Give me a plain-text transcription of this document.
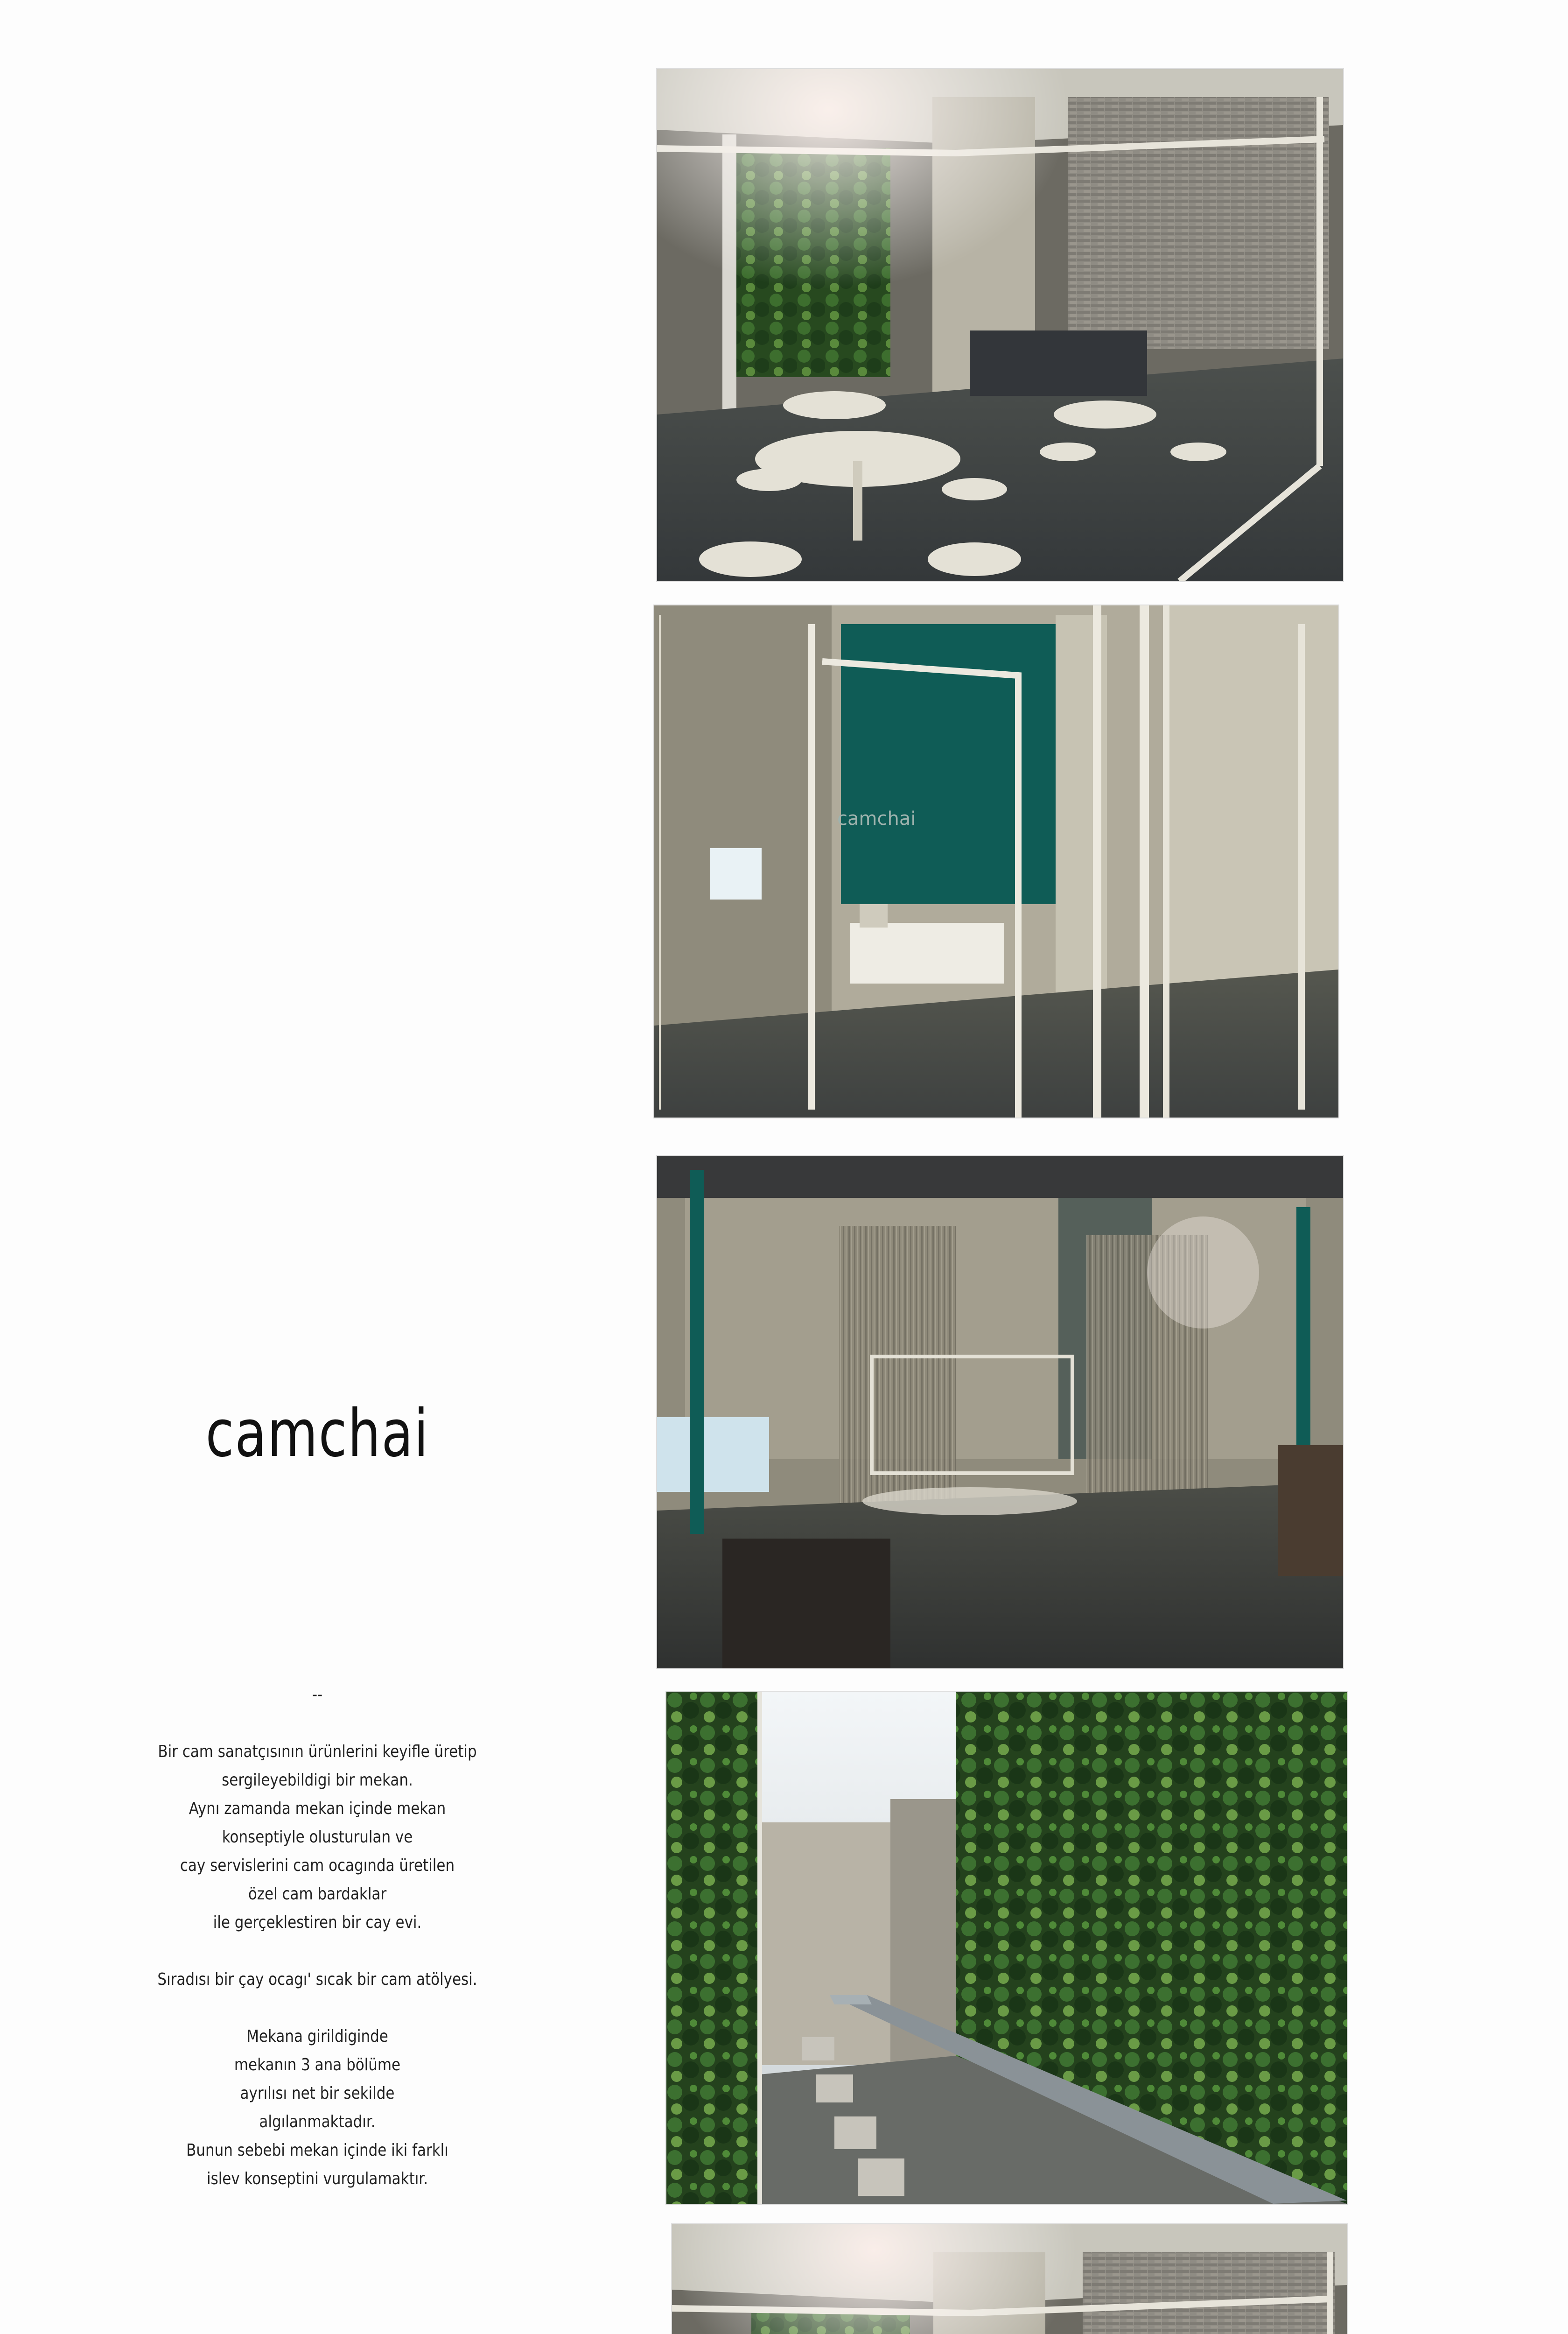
camchai
--
Bir cam sanatçısının ürünlerini keyifle üretip
sergileyebildigi bir mekan.
Aynı zamanda mekan içinde mekan
konseptiyle olusturulan ve
cay servislerini cam ocagında üretilen
özel cam bardaklar
ile gerçeklestiren bir cay evi.
Sıradısı bir çay ocagı' sıcak bir cam atölyesi.
Mekana girildiginde
mekanın 3 ana bölüme
ayrılısı net bir sekilde
algılanmaktadır.
Bunun sebebi mekan içinde iki farklı
islev konseptini vurgulamaktır.
camchai
